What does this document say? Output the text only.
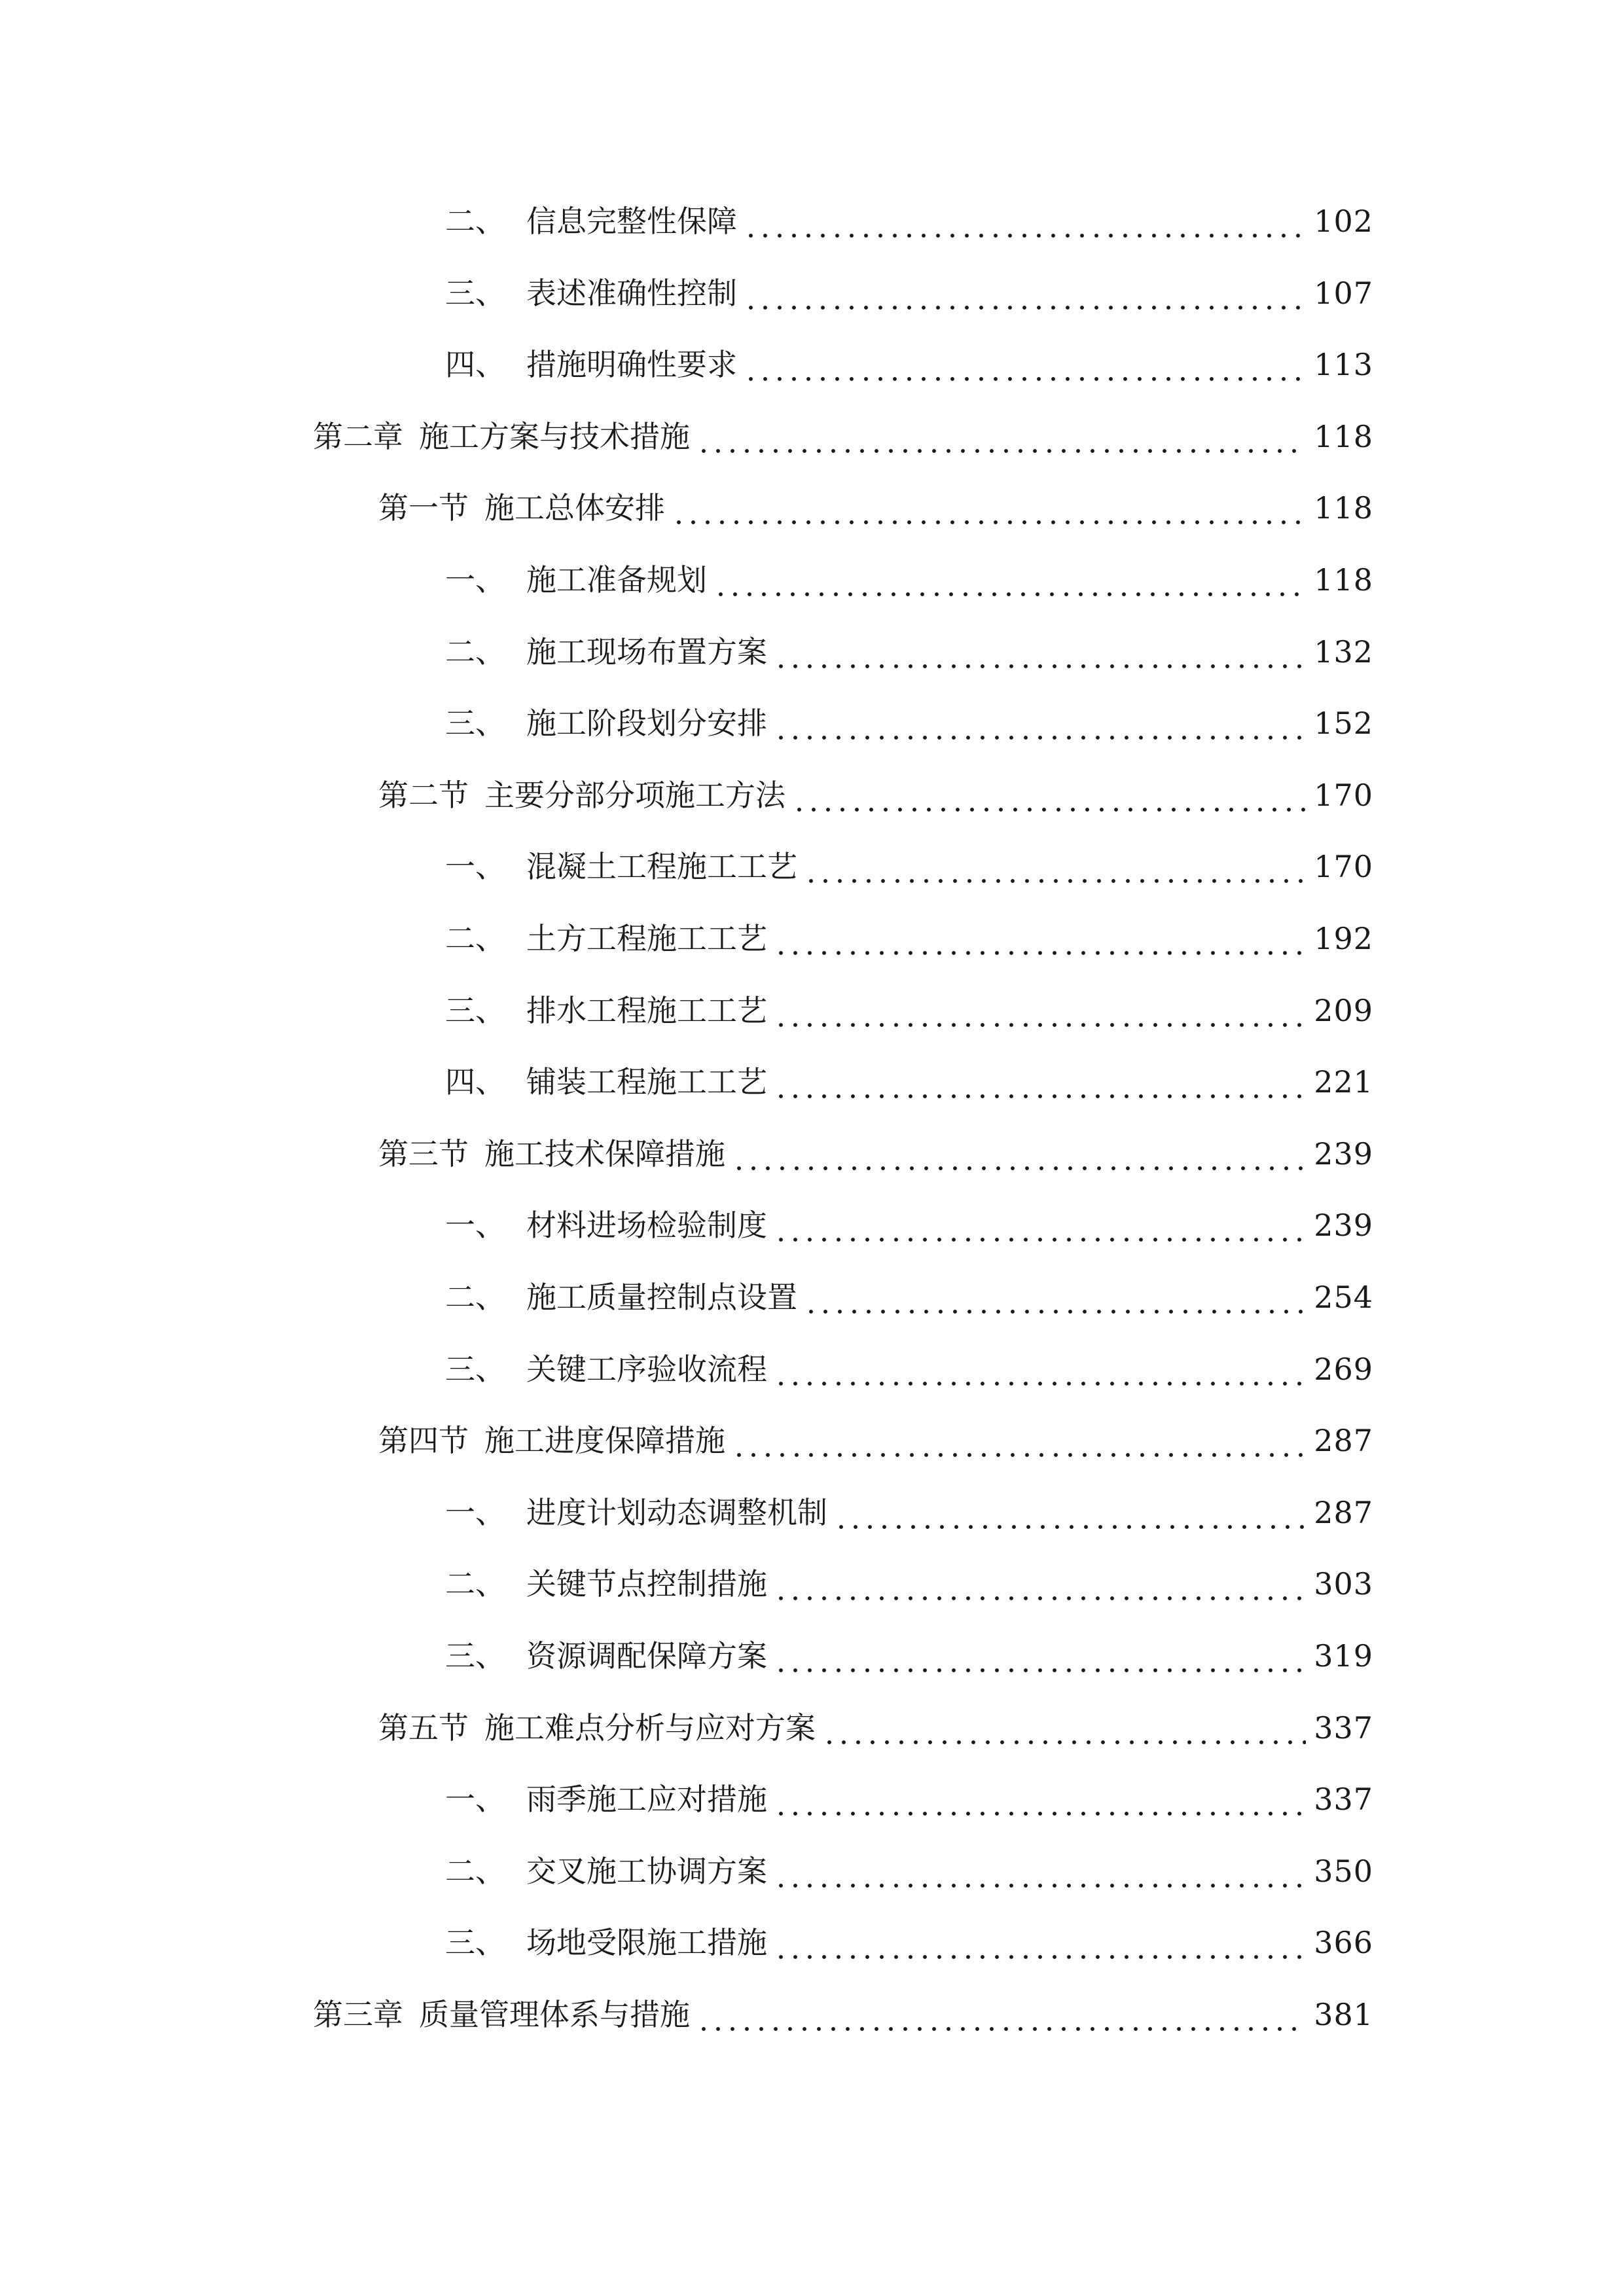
二、 信息完整性保障	102
三、 表述准确性控制	107
四、 措施明确性要求	113
第二章 施工方案与技术措施	118
第一节 施工总体安排	118
一、 施工准备规划	118
二、 施工现场布置方案	132
三、 施工阶段划分安排	152
第二节 主要分部分项施工方法	170
一、 混凝土工程施工工艺	170
二、 土方工程施工工艺	192
三、 排水工程施工工艺	209
四、 铺装工程施工工艺	221
第三节 施工技术保障措施	239
一、 材料进场检验制度	239
二、 施工质量控制点设置	254
三、 关键工序验收流程	269
第四节 施工进度保障措施	287
一、 进度计划动态调整机制	287
二、 关键节点控制措施	303
三、 资源调配保障方案	319
第五节 施工难点分析与应对方案	337
一、 雨季施工应对措施	337
二、 交叉施工协调方案	350
三、 场地受限施工措施	366
第三章 质量管理体系与措施	381
